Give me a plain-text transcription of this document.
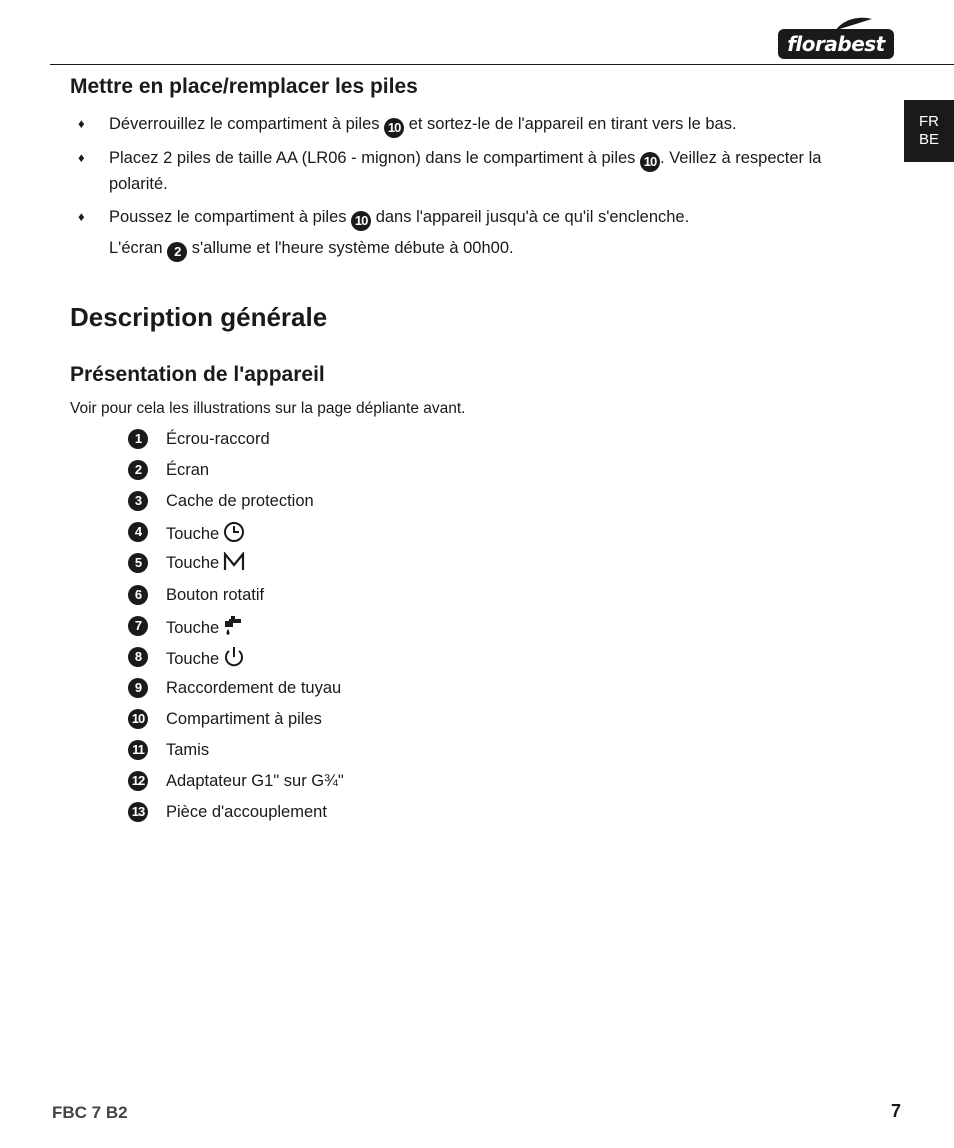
florabest
FR
BE
Mettre en place/remplacer les piles
♦ Déverrouillez le compartiment à piles 10 et sortez-le de l'appareil en tirant vers le bas.
♦ Placez 2 piles de taille AA (LR06 - mignon) dans le compartiment à piles 10 . Veillez à respecter la
polarité.
♦ Poussez le compartiment à piles 10 dans l'appareil jusqu'à ce qu'il s'enclenche.
L'écran 2 s'allume et l'heure système débute à 00h00.
Description générale
Présentation de l'appareil
Voir pour cela les illustrations sur la page dépliante avant.
1	Écrou-raccord
2	Écran
3	Cache de protection
4	Touche
5	Touche
6	Bouton rotatif
7	Touche
8	Touche
9	Raccordement de tuyau
10 Compartiment à piles
11 Tamis
12 Adaptateur G1" sur G¾"
13 Pièce d'accouplement
FBC 7 B2	7
